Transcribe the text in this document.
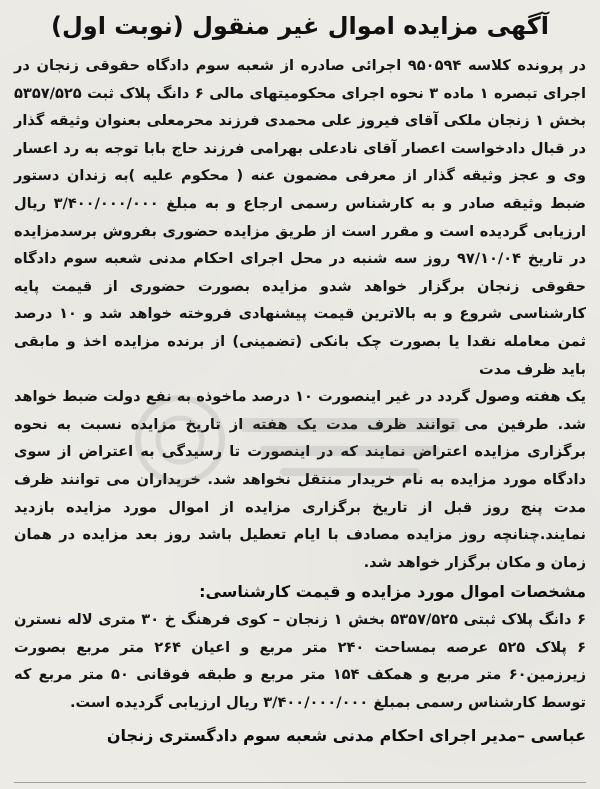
آگهی مزایده اموال غیر منقول (نوبت اول)

در پرونده کلاسه ۹۵۰۵۹۴ اجرائی صادره از شعبه سوم دادگاه حقوقی زنجان در اجرای تبصره ۱ ماده ۳ نحوه اجرای محکومیتهای مالی ۶ دانگ پلاک ثبت ۵۳۵۷/۵۲۵ بخش ۱ زنجان ملکی آقای فیروز علی محمدی فرزند محرمعلی بعنوان وثیقه گذار در قبال دادخواست اعصار آقای نادعلی بهرامی فرزند حاج بابا توجه به رد اعسار وی و عجز وثیقه گذار از معرفی مضمون عنه ( محکوم علیه )به زندان دستور ضبط وثیقه صادر و به کارشناس رسمی ارجاع و به مبلغ ۳/۴۰۰/۰۰۰/۰۰۰ ریال ارزیابی گردیده است و مقرر است از طریق مزایده حضوری بفروش برسدمزایده در تاریخ ۹۷/۱۰/۰۴ روز سه شنبه در محل اجرای احکام مدنی شعبه سوم دادگاه حقوقی زنجان برگزار خواهد شدو مزایده بصورت حضوری از قیمت پایه کارشناسی شروع و به بالاترین قیمت پیشنهادی فروخته خواهد شد و ۱۰ درصد ثمن معامله نقدا یا بصورت چک بانکی (تضمینی) از برنده مزایده اخذ و مابقی باید ظرف مدت

یک هفته وصول گردد در غیر اینصورت ۱۰ درصد ماخوذه به نفع دولت ضبط خواهد شد. طرفین می توانند ظرف مدت یک هفته از تاریخ مزایده نسبت به نحوه برگزاری مزایده اعتراض نمایند که در اینصورت تا رسیدگی به اعتراض از سوی دادگاه مورد مزایده به نام خریدار منتقل نخواهد شد. خریداران می توانند ظرف مدت پنج روز قبل از تاریخ برگزاری مزایده از اموال مورد مزایده بازدید نمایند.چنانچه روز مزایده مصادف با ایام تعطیل باشد روز بعد مزایده در همان زمان و مکان برگزار خواهد شد.

مشخصات اموال مورد مزایده و قیمت کارشناسی:

۶ دانگ پلاک ثبتی ۵۳۵۷/۵۲۵ بخش ۱ زنجان – کوی فرهنگ خ ۳۰ متری لاله نسترن ۶ پلاک ۵۲۵ عرصه بمساحت ۲۴۰ متر مربع و اعیان ۲۶۴ متر مربع بصورت زیرزمین۶۰ متر مربع و همکف ۱۵۴ متر مربع و طبقه فوقانی ۵۰ متر مربع که توسط کارشناس رسمی بمبلغ ۳/۴۰۰/۰۰۰/۰۰۰ ریال ارزیابی گردیده است.

عباسی –مدیر اجرای احکام مدنی شعبه سوم دادگستری زنجان
